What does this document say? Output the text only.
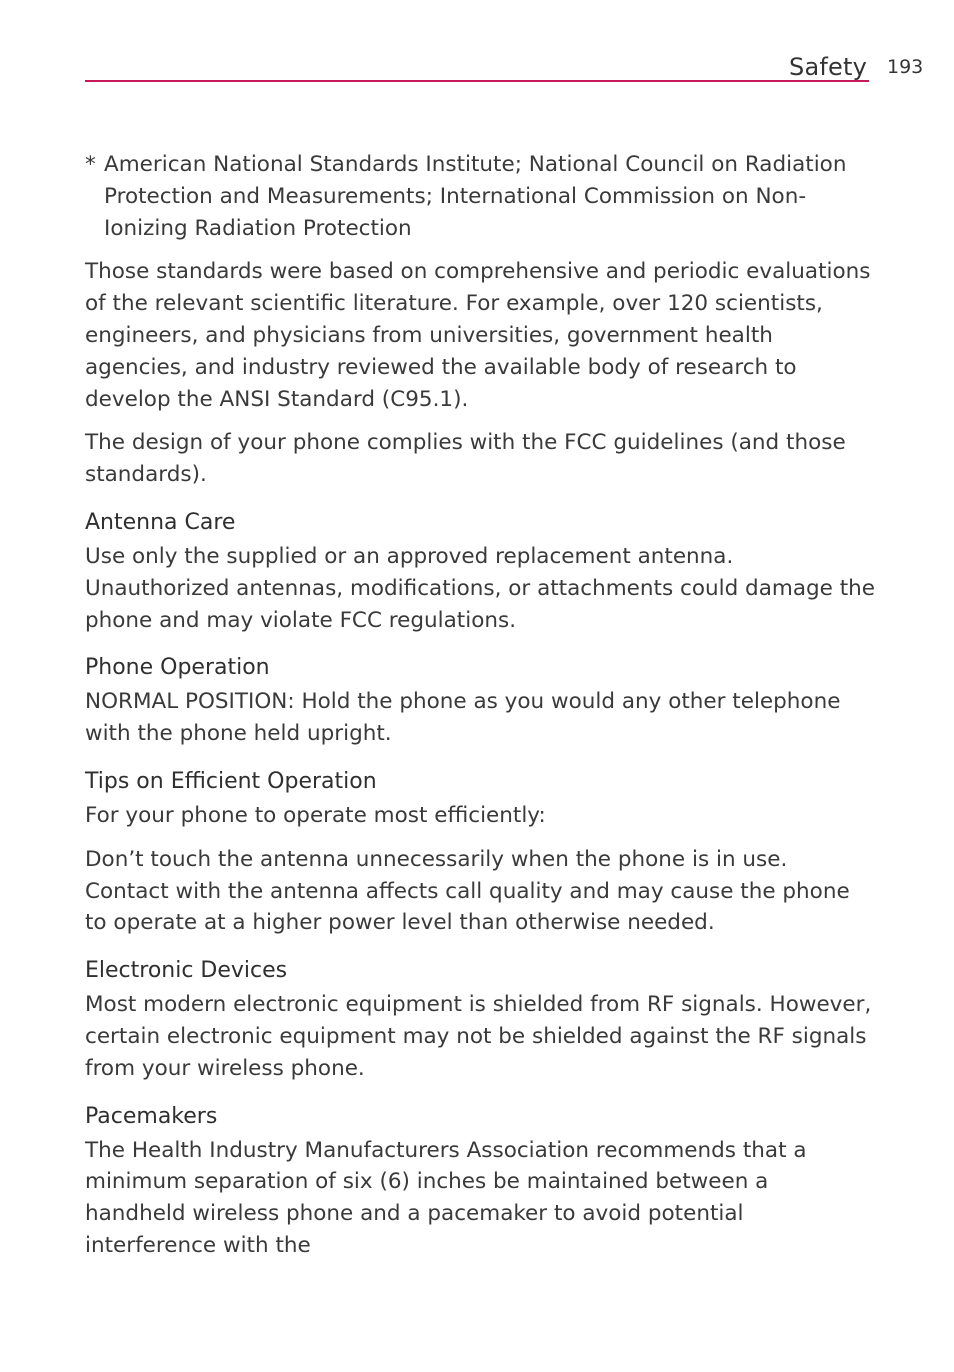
Safety 193
* American National Standards Institute; National Council on Radiation Protection and Measurements; International Commission on Non-Ionizing Radiation Protection

Those standards were based on comprehensive and periodic evaluations of the relevant scientific literature. For example, over 120 scientists, engineers, and physicians from universities, government health agencies, and industry reviewed the available body of research to develop the ANSI Standard (C95.1).

The design of your phone complies with the FCC guidelines (and those standards).

Antenna Care

Use only the supplied or an approved replacement antenna. Unauthorized antennas, modifications, or attachments could damage the phone and may violate FCC regulations.

Phone Operation

NORMAL POSITION: Hold the phone as you would any other telephone with the phone held upright.

Tips on Efficient Operation

For your phone to operate most efficiently:

Don’t touch the antenna unnecessarily when the phone is in use. Contact with the antenna affects call quality and may cause the phone to operate at a higher power level than otherwise needed.

Electronic Devices

Most modern electronic equipment is shielded from RF signals. However, certain electronic equipment may not be shielded against the RF signals from your wireless phone.

Pacemakers

The Health Industry Manufacturers Association recommends that a minimum separation of six (6) inches be maintained between a handheld wireless phone and a pacemaker to avoid potential interference with the
